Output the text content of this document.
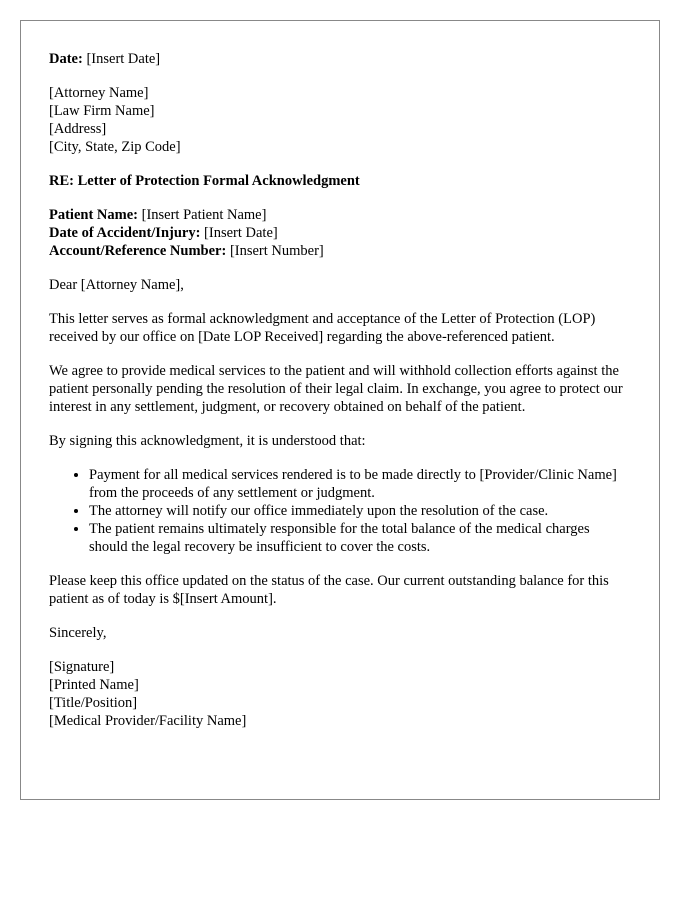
Date: [Insert Date]
[Attorney Name]
[Law Firm Name]
[Address]
[City, State, Zip Code]
RE: Letter of Protection Formal Acknowledgment
Patient Name: [Insert Patient Name]
Date of Accident/Injury: [Insert Date]
Account/Reference Number: [Insert Number]

Dear [Attorney Name],

This letter serves as formal acknowledgment and acceptance of the Letter of Protection (LOP) received by our office on [Date LOP Received] regarding the above-referenced patient.

We agree to provide medical services to the patient and will withhold collection efforts against the patient personally pending the resolution of their legal claim. In exchange, you agree to protect our interest in any settlement, judgment, or recovery obtained on behalf of the patient.

By signing this acknowledgment, it is understood that:

• Payment for all medical services rendered is to be made directly to [Provider/Clinic Name] from the proceeds of any settlement or judgment.
• The attorney will notify our office immediately upon the resolution of the case.
• The patient remains ultimately responsible for the total balance of the medical charges should the legal recovery be insufficient to cover the costs.

Please keep this office updated on the status of the case. Our current outstanding balance for this patient as of today is $[Insert Amount].

Sincerely,

[Signature]
[Printed Name]
[Title/Position]
[Medical Provider/Facility Name]
